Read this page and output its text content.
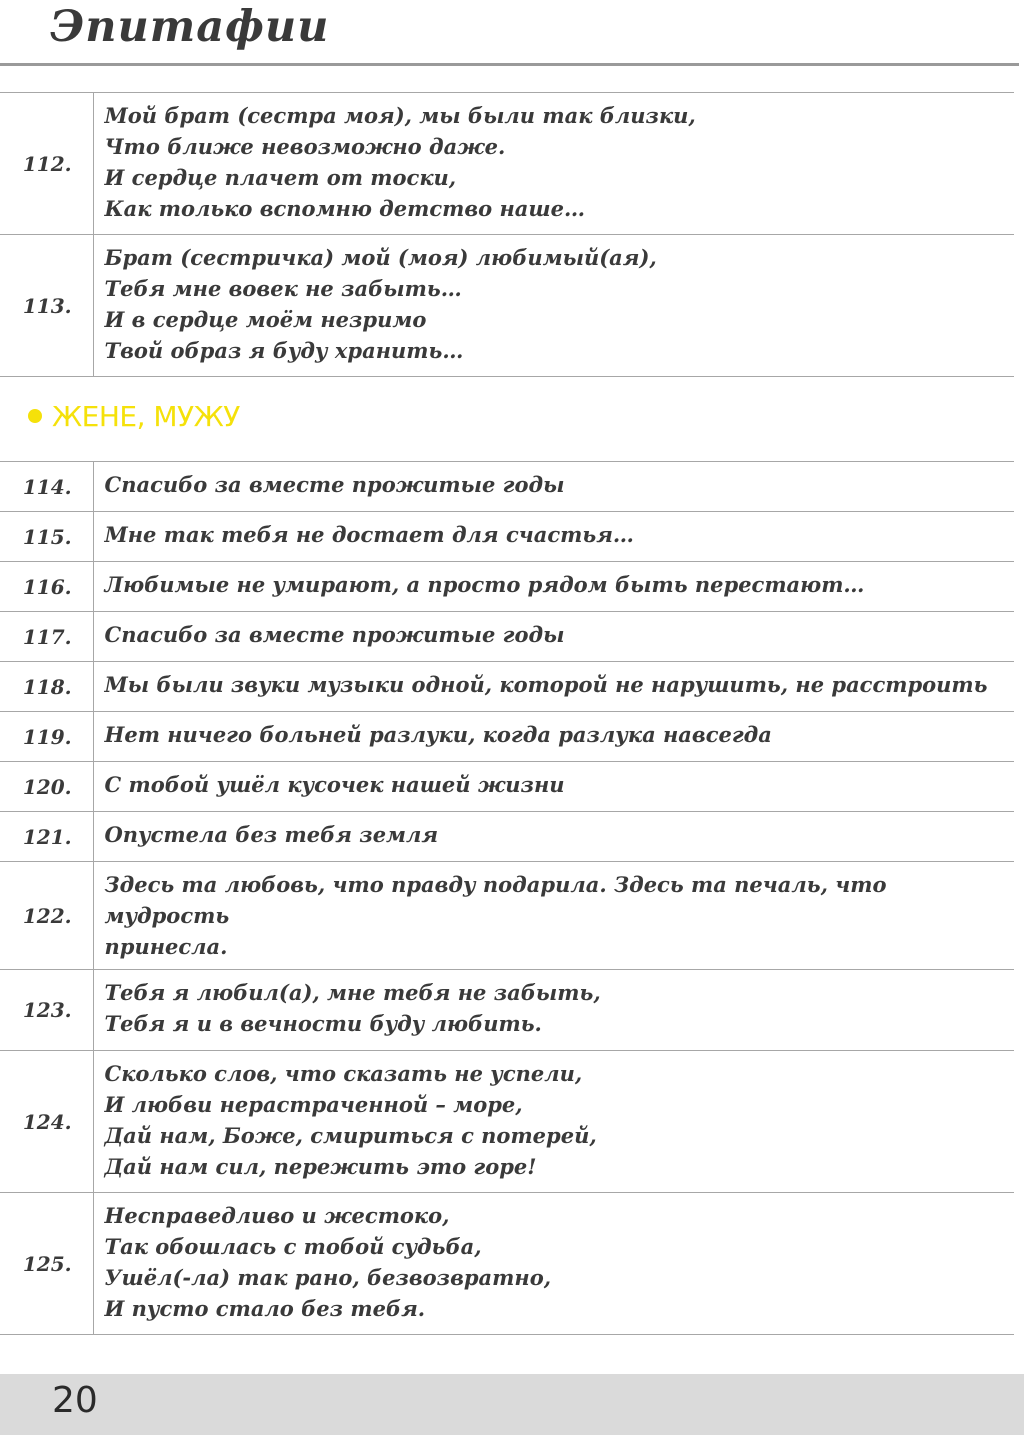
Эпитафии
112.	Мой брат (сестра моя), мы были так близки,
Что ближе невозможно даже.
И сердце плачет от тоски,
Как только вспомню детство наше…
113.	Брат (сестричка) мой (моя) любимый(ая),
Тебя мне вовек не забыть…
И в сердце моём незримо
Твой образ я буду хранить…
ЖЕНЕ, МУЖУ
114.	Спасибо за вместе прожитые годы
115.	Мне так тебя не достает для счастья…
116.	Любимые не умирают, а просто рядом быть перестают…
117.	Спасибо за вместе прожитые годы
118.	Мы были звуки музыки одной, которой не нарушить, не расстроить
119.	Нет ничего больней разлуки, когда разлука навсегда
120.	С тобой ушёл кусочек нашей жизни
121.	Опустела без тебя земля
122.	Здесь та любовь, что правду подарила. Здесь та печаль, что мудрость
принесла.
123.	Тебя я любил(а), мне тебя не забыть,
Тебя я и в вечности буду любить.
124.	Сколько слов, что сказать не успели,
И любви нерастраченной – море,
Дай нам, Боже, смириться с потерей,
Дай нам сил, пережить это горе!
125.	Несправедливо и жестоко,
Так обошлась с тобой судьба,
Ушёл(-ла) так рано, безвозвратно,
И пусто стало без тебя.
20
